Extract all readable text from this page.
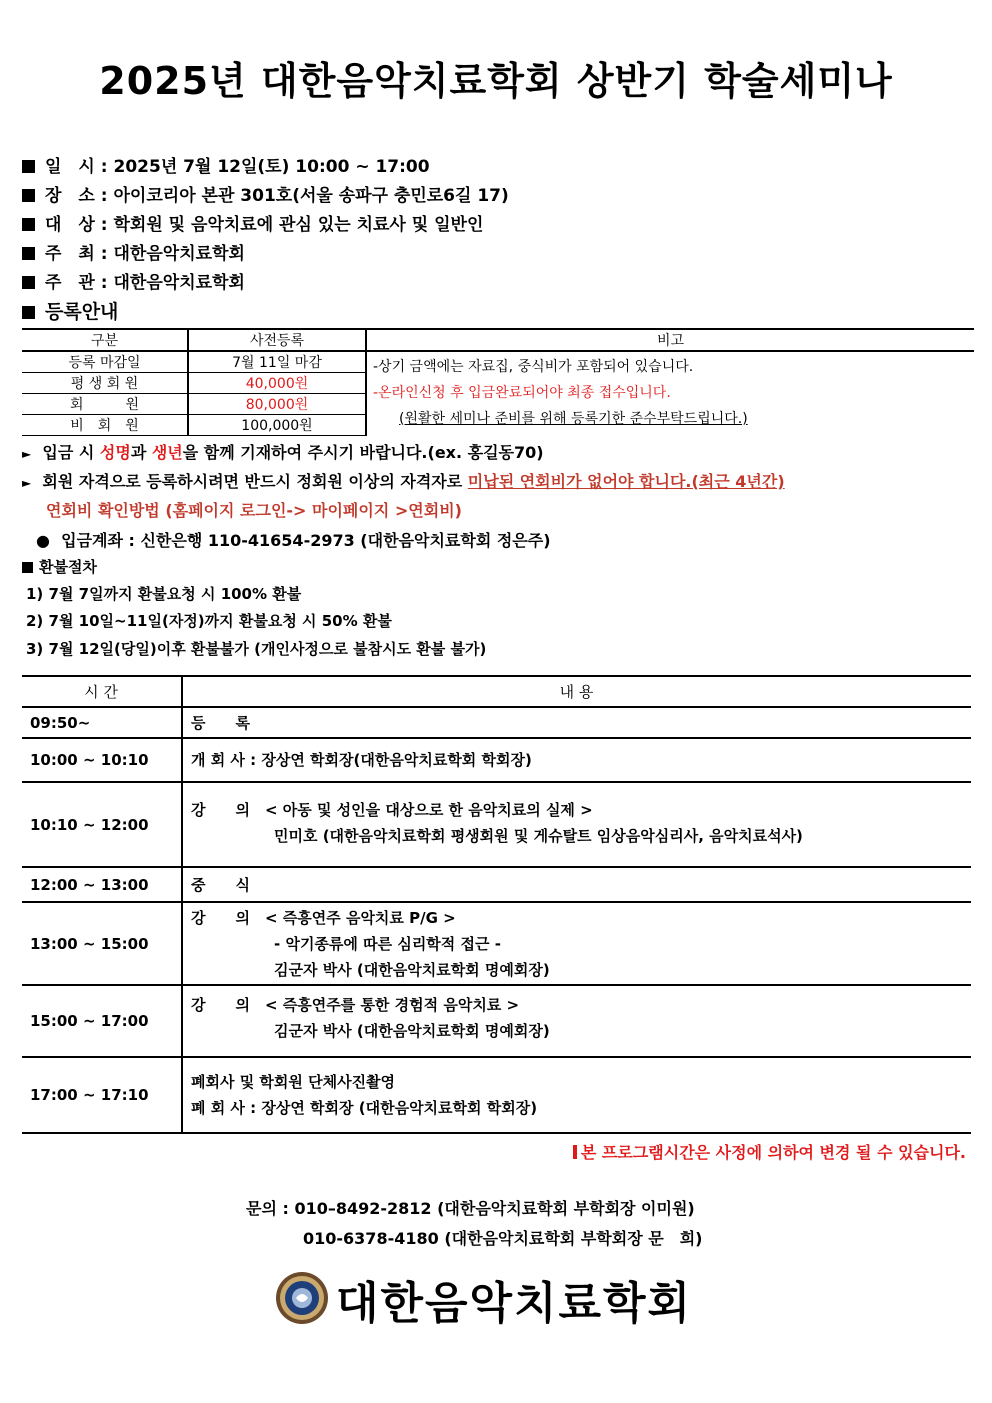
2025년 대한음악치료학회 상반기 학술세미나
일　시 : 2025년 7월 12일(토) 10:00 ~ 17:00
장　소 : 아이코리아 본관 301호(서울 송파구 충민로6길 17)
대　상 : 학회원 및 음악치료에 관심 있는 치료사 및 일반인
주　최 : 대한음악치료학회
주　관 : 대한음악치료학회
등록안내
구분	사전등록	비고
등록 마감일	7월 11일 마감	-상기 금액에는 자료집, 중식비가 포함되어 있습니다.
-온라인신청 후 입금완료되어야 최종 접수입니다.
(원활한 세미나 준비를 위해 등록기한 준수부탁드립니다.)

평 생 회 원	40,000원	
회　　　원	80,000원	
비　회　원	100,000원	
► 입금 시 성명과 생년을 함께 기재하여 주시기 바랍니다.(ex. 홍길동70)
► 회원 자격으로 등록하시려면 반드시 정회원 이상의 자격자로 미납된 연회비가 없어야 합니다.(최근 4년간)
연회비 확인방법 (홈페이지 로그인-> 마이페이지 >연회비)
● 입금계좌 : 신한은행 110-41654-2973 (대한음악치료학회 정은주)
환불절차
1) 7월 7일까지 환불요청 시 100% 환불
2) 7월 10일~11일(자정)까지 환불요청 시 50% 환불
3) 7월 12일(당일)이후 환불불가 (개인사정으로 불참시도 환불 불가)
시 간	내 용
09:50~	등　　록

10:00 ~ 10:10	개 회 사 : 장상연 학회장(대한음악치료학회 학회장)

10:10 ~ 12:00	강　　의　< 아동 및 성인을 대상으로 한 음악치료의 실제 >
민미호 (대한음악치료학회 평생회원 및 게슈탈트 임상음악심리사, 음악치료석사)

12:00 ~ 13:00	중　　식

13:00 ~ 15:00	강　　의　< 즉흥연주 음악치료 P/G >
- 악기종류에 따른 심리학적 접근 -
김군자 박사 (대한음악치료학회 명예회장)

15:00 ~ 17:00	강　　의　< 즉흥연주를 통한 경험적 음악치료 >
김군자 박사 (대한음악치료학회 명예회장)

17:00 ~ 17:10	폐회사 및 학회원 단체사진촬영
폐 회 사 : 장상연 학회장 (대한음악치료학회 학회장)
본 프로그램시간은 사정에 의하여 변경 될 수 있습니다.
문의 : 010–8492-2812 (대한음악치료학회 부학회장 이미원)
010-6378-4180 (대한음악치료학회 부학회장 문　희)
대한음악치료학회
